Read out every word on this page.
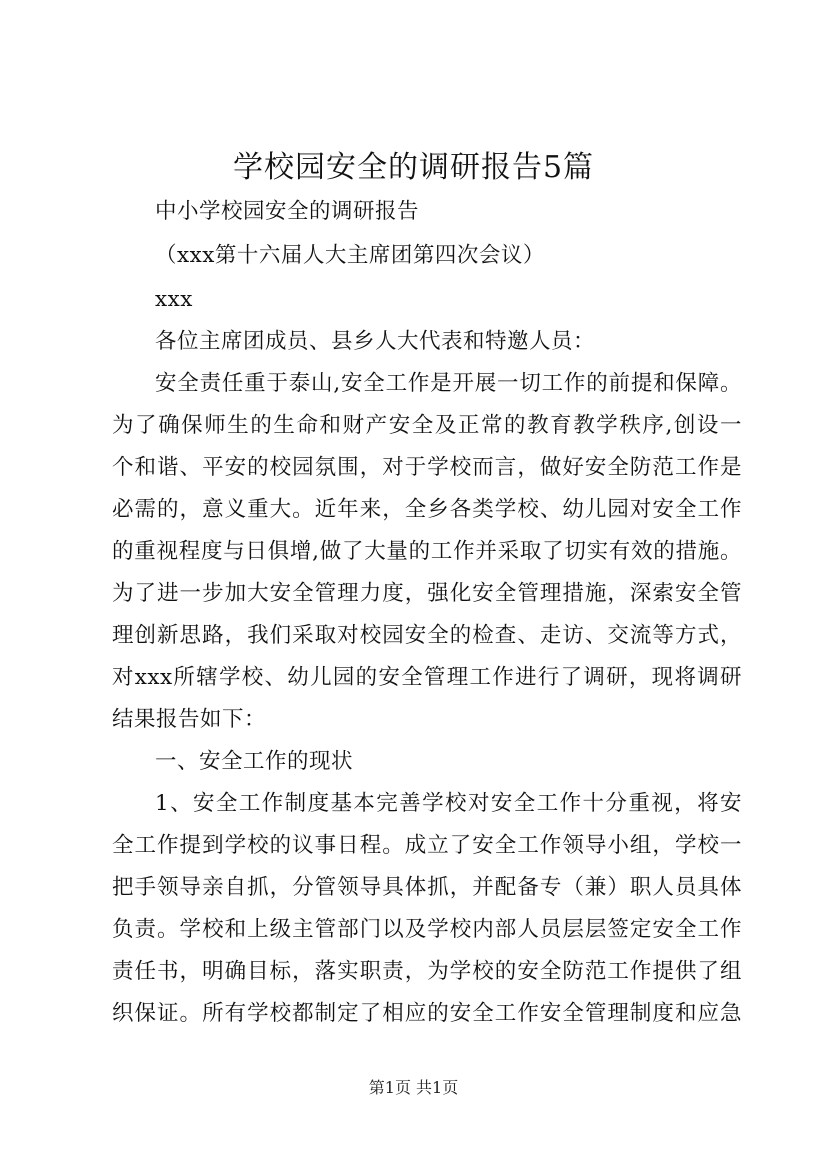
学校园安全的调研报告5篇
中小学校园安全的调研报告
（xxx第十六届人大主席团第四次会议）
xxx
各位主席团成员、县乡人大代表和特邀人员：
安全责任重于泰山,安全工作是开展一切工作的前提和保障。
为了确保师生的生命和财产安全及正常的教育教学秩序,创设一
个和谐、平安的校园氛围，对于学校而言，做好安全防范工作是
必需的，意义重大。近年来，全乡各类学校、幼儿园对安全工作
的重视程度与日俱增,做了大量的工作并采取了切实有效的措施。
为了进一步加大安全管理力度，强化安全管理措施，深索安全管
理创新思路，我们采取对校园安全的检查、走访、交流等方式，
对xxx所辖学校、幼儿园的安全管理工作进行了调研，现将调研
结果报告如下：
一、安全工作的现状
1、安全工作制度基本完善学校对安全工作十分重视，将安
全工作提到学校的议事日程。成立了安全工作领导小组，学校一
把手领导亲自抓，分管领导具体抓，并配备专（兼）职人员具体
负责。学校和上级主管部门以及学校内部人员层层签定安全工作
责任书，明确目标，落实职责，为学校的安全防范工作提供了组
织保证。所有学校都制定了相应的安全工作安全管理制度和应急
第1页 共1页
